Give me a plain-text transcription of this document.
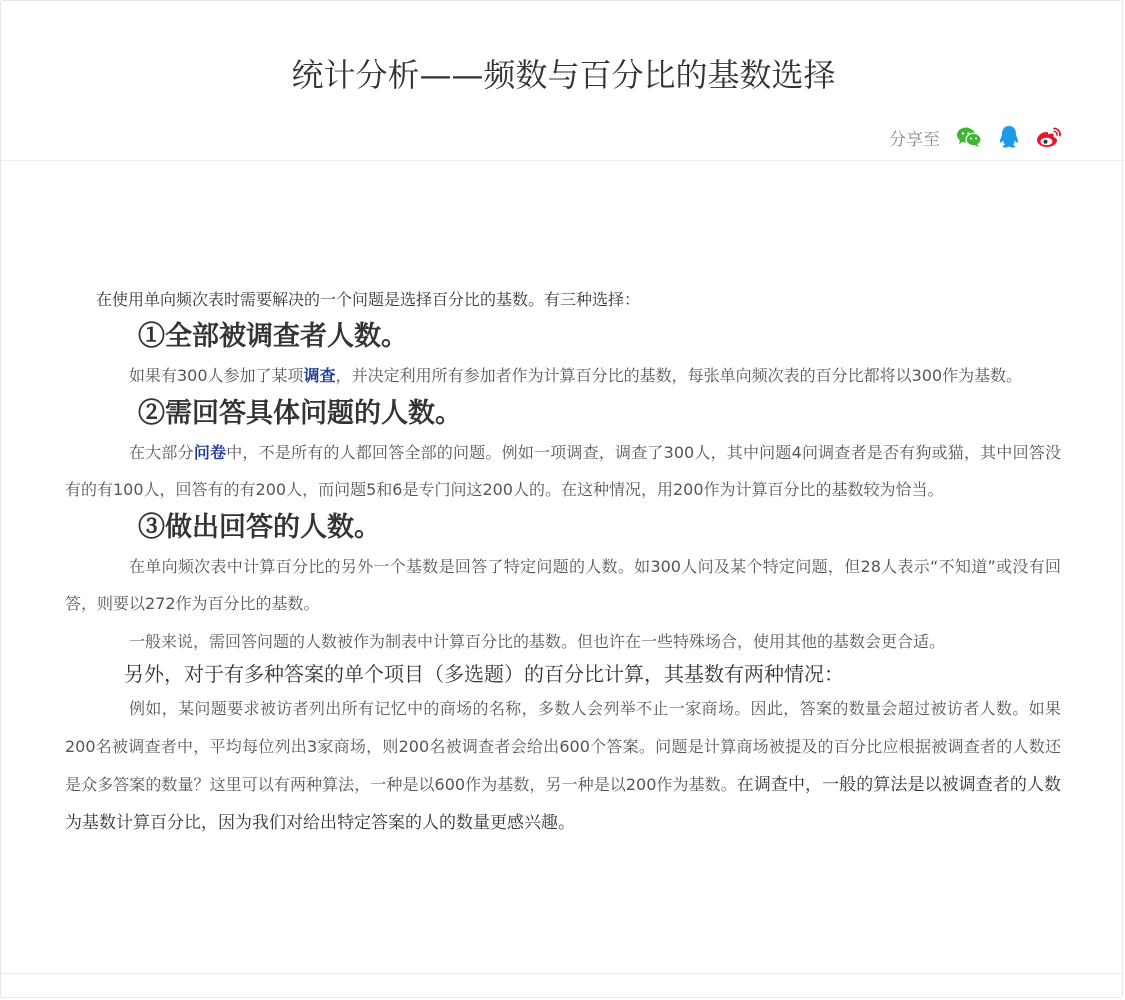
统计分析——频数与百分比的基数选择
分享至

在使用单向频次表时需要解决的一个问题是选择百分比的基数。有三种选择：

①全部被调查者人数。

如果有300人参加了某项调查，并决定利用所有参加者作为计算百分比的基数，每张单向频次表的百分比都将以300作为基数。

②需回答具体问题的人数。

在大部分问卷中，不是所有的人都回答全部的问题。例如一项调查，调查了300人，其中问题4问调查者是否有狗或猫，其中回答没有的有100人，回答有的有200人，而问题5和6是专门问这200人的。在这种情况，用200作为计算百分比的基数较为恰当。

③做出回答的人数。

在单向频次表中计算百分比的另外一个基数是回答了特定问题的人数。如300人问及某个特定问题，但28人表示“不知道”或没有回答，则要以272作为百分比的基数。

一般来说，需回答问题的人数被作为制表中计算百分比的基数。但也许在一些特殊场合，使用其他的基数会更合适。

另外，对于有多种答案的单个项目（多选题）的百分比计算，其基数有两种情况：

例如，某问题要求被访者列出所有记忆中的商场的名称，多数人会列举不止一家商场。因此，答案的数量会超过被访者人数。如果200名被调查者中，平均每位列出3家商场，则200名被调查者会给出600个答案。问题是计算商场被提及的百分比应根据被调查者的人数还是众多答案的数量？这里可以有两种算法，一种是以600作为基数，另一种是以200作为基数。在调查中，一般的算法是以被调查者的人数为基数计算百分比，因为我们对给出特定答案的人的数量更感兴趣。
